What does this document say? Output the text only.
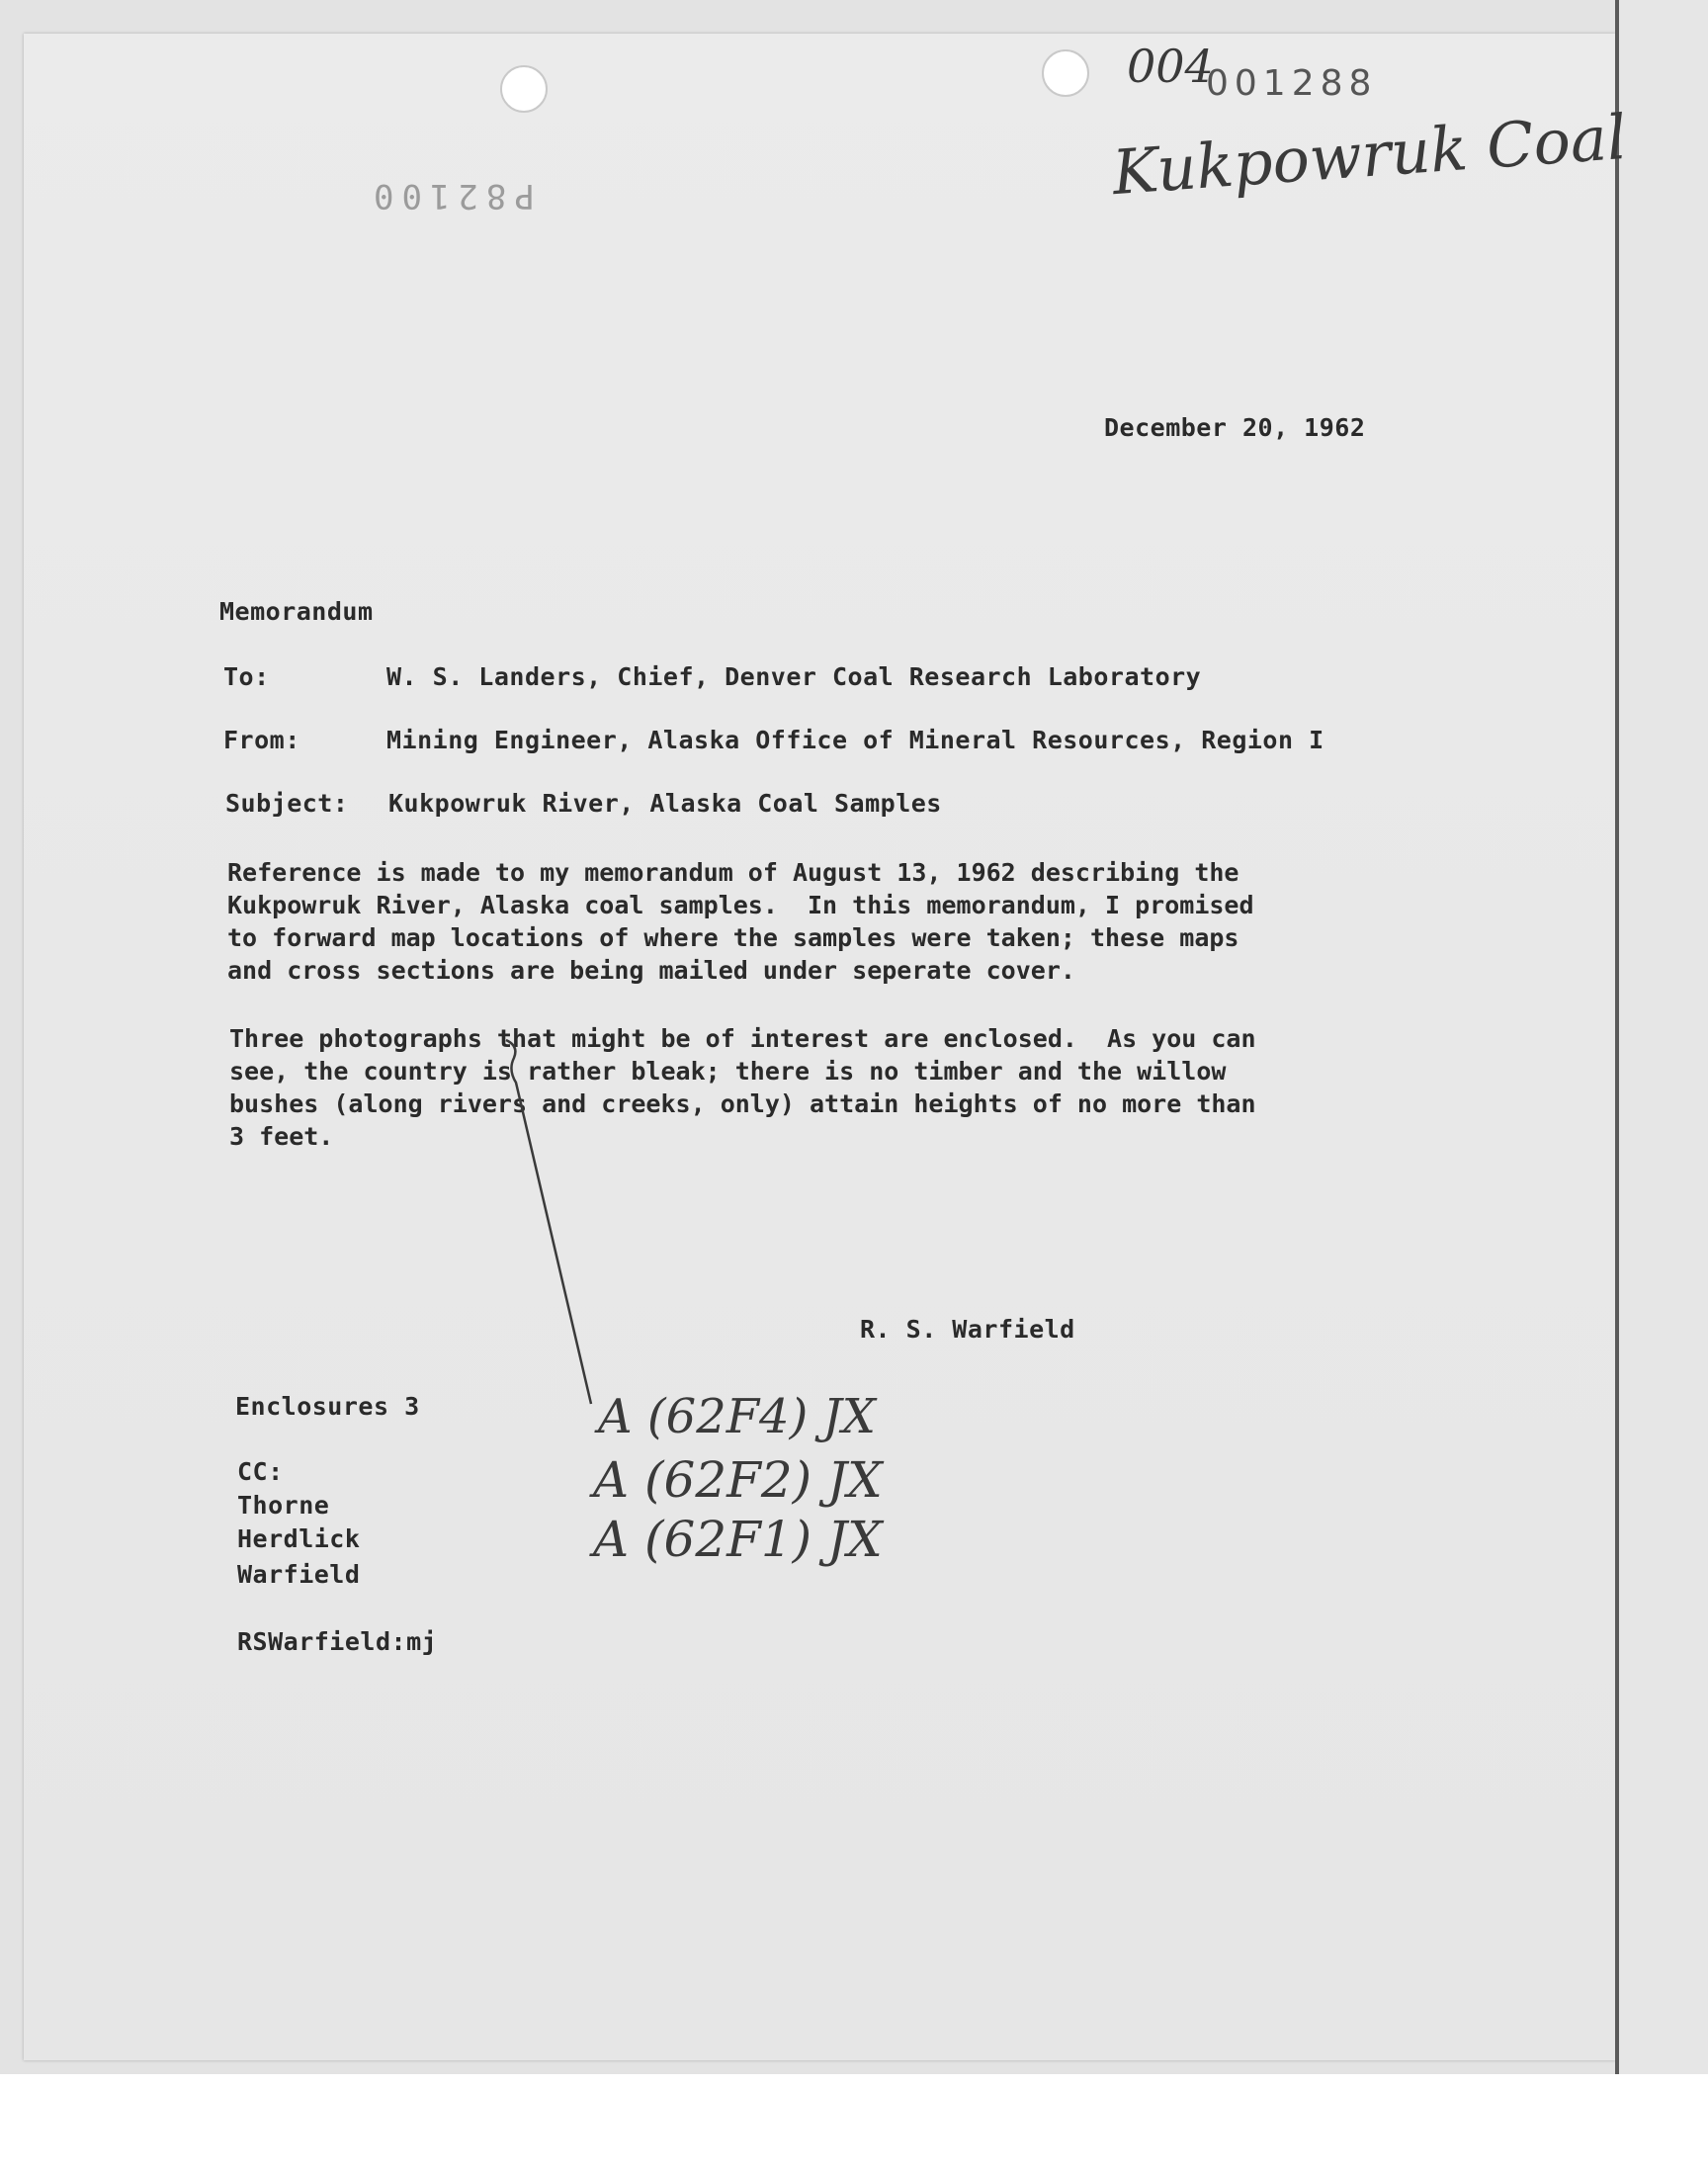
004
001288
Kukpowruk Coal
P82100
December 20, 1962
Memorandum
To:	W. S. Landers, Chief, Denver Coal Research Laboratory
From:	Mining Engineer, Alaska Office of Mineral Resources, Region I
Subject: Kukpowruk River, Alaska Coal Samples
Reference is made to my memorandum of August 13, 1962 describing the
Kukpowruk River, Alaska coal samples.  In this memorandum, I promised
to forward map locations of where the samples were taken; these maps
and cross sections are being mailed under seperate cover.
Three photographs that might be of interest are enclosed.  As you can
see, the country is rather bleak; there is no timber and the willow
bushes (along rivers and creeks, only) attain heights of no more than
3 feet.
R. S. Warfield
Enclosures 3
CC:
Thorne
Herdlick
Warfield
RSWarfield:mj
A (62F4) JX
A (62F2) JX
A (62F1) JX
